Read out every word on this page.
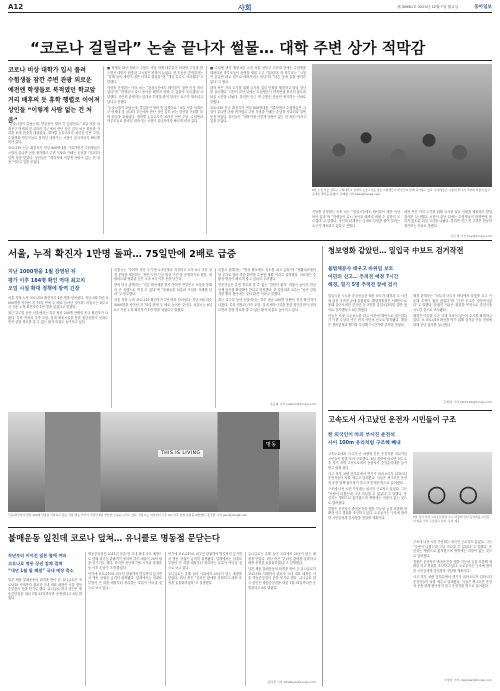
A12	사회	제 30661호 2020년 12월 7일 월요일	동아일보
“코로나 걸릴라” 논술 끝나자 썰물… 대학 주변 상가 적막감
코로나 비상 대학가 입시 풀려
수험생들 잠깐 주변 관광 외로운
예전엔 학생들로 북적였던 학교앞
거리 배후의 듯 휴학 행렬로 이어져
상인들 “이렇게 사람 없는 건 처음”

“논술시험이 끝났는데, 발걸음이 벌써 뚝 끊겼어요.” 6일 서울 서대문구 연세대 앞 굴다리 부근에서 만난 상인 김모 씨는 한산한 거리를 보며 한숨을 내쉬었다. 대학별 논술고사가 치러진 이번 주말, 수험생과 학부모들로 붐비던 대학가는 시험이 끝나자마자 빠르게 비어 갔다.

코로나19 신규 확진자가 연일 600명대를 기록하면서 수험생들은 시험이 끝나면 곧장 귀가했고 주변 식당과 카페는 손님을 기다리다 일찍 문을 닫았다. 상인들은 “대학가에 이렇게 사람이 없는 건 처음”이라고 입을 모았다.

■ 학생들 떠난 캠퍼스 주변도 비상 학생 대부분이 비대면 수업을 받으면서 대학가 원룸과 고시원은 빈방이 늘었다. 한 부동산 중개업자는 “올해 들어 계약이 절반 이하로 줄었다”며 “개강 특수도 사라졌다”고 말했다.

식당을 운영하는 이모 씨는 “점심시간에도 테이블이 절반 이상 비어 있다”며 “학생들이 다시 돌아올 때까지 버틸 수 있을지 모르겠다”고 말했다. 상인회 관계자는 임대료 부담을 줄여 달라는 요구가 계속되고 있다고 전했다.

“논술시험이 끝났는데, 발걸음이 벌써 뚝 끊겼어요.” 6일 서울 서대문구 연세대 앞 굴다리 부근에서 만난 상인 김모 씨는 한산한 거리를 보며 한숨을 내쉬었다. 대학별 논술고사가 치러진 이번 주말, 수험생과 학부모들로 붐비던 대학가는 시험이 끝나자마자 빠르게 비어 갔다.

■ 수험생 귀가 행렬 6일 오전 서울 성북구 고려대 앞에는 수험생을 데려다준 학부모들이 차량을 세워 두고 기다렸다. 한 학부모는 “시험이 끝나면 바로 집으로 데려가려고 한다”며 “다른 곳에 들를 생각은 없다”고 했다.

대학 측은 거리 두기를 위해 고사장 입실 인원을 제한하고 발열 검사를 실시했다. 시험이 끝난 뒤에는 수험생들이 한꺼번에 몰리지 않도록 퇴실 시간을 나눴다. 하지만 인근 역 주변은 한동안 귀가하는 인파로 붐볐다.

코로나19 신규 확진자가 연일 600명대를 기록하면서 수험생들은 시험이 끝나면 곧장 귀가했고 주변 식당과 카페는 손님을 기다리다 일찍 문을 닫았다. 상인들은 “대학가에 이렇게 사람이 없는 건 처음”이라고 입을 모았다.

6일 오전 서울 성북구 고려대학교 앞에서 논술고사를 마친 수험생들이 학부모와 함께 귀가하고 있다. 수험생들은 시험이 끝나자 주변에 머물지 않고 곧바로 발길을 돌렸다. 김재명 기자 base@donga.com

식당을 운영하는 이모 씨는 “점심시간에도 테이블이 절반 이상 비어 있다”며 “학생들이 다시 돌아올 때까지 버틸 수 있을지 모르겠다”고 말했다. 상인회 관계자는 임대료 부담을 줄여 달라는 요구가 계속되고 있다고 전했다.

대학 측은 거리 두기를 위해 고사장 입실 인원을 제한하고 발열 검사를 실시했다. 시험이 끝난 뒤에는 수험생들이 한꺼번에 몰리지 않도록 퇴실 시간을 나눴다. 하지만 인근 역 주변은 한동안 귀가하는 인파로 붐볐다.

김소영 기자 ksy@donga.com
서울, 누적 확진자 1만명 돌파… 75일만에 2배로 급증
지난 1000명을 1월 감염된 뒤
평가 이후 184명 확인 역대 최고치
모임 시설 확대 정책에 방역 긴장

서울 지역 누적 코로나19 확진자가 1만 명을 넘어섰다. 지난 9월 하순 5000명을 넘어선 지 75일 만에 두 배로 늘어난 것이다. 서울시는 6일 0시 기준 누적 확진자가 1만 명을 넘었다고 밝혔다.

최근 일주일 동안 서울에서는 하루 평균 200명 안팎의 신규 확진자가 나왔다. 특히 직장과 가족 모임, 실내 체육시설을 통한 집단감염이 잇따르면서 감염 경로를 알 수 없는 환자 비율도 높아지고 있다.

서울시는 ‘사회적 거리 두기’를 2.5단계로 격상하고 오후 9시 이후 상점 운영을 제한하는 ‘천만 시민 긴급 멈춤 기간’을 운영하기로 했다. 대형마트와 영화관 등은 오후 9시 이후 문을 닫는다.

방역 당국 관계자는 “지금 확산세를 꺾지 못하면 연말연시 모임을 통해 더 큰 유행으로 번질 수 있다”며 “불필요한 외출과 모임을 자제해 달라”고 당부했다.

서울 지역 누적 코로나19 확진자가 1만 명을 넘어섰다. 지난 9월 하순 5000명을 넘어선 지 75일 만에 두 배로 늘어난 것이다. 서울시는 6일 0시 기준 누적 확진자가 1만 명을 넘었다고 밝혔다.

서울시 관계자는 “병상 확보에도 속도를 내고 있다”며 “생활치료센터를 추가로 열어 경증 환자를 수용할 계획”이라고 설명했다. 의료계는 중환자 병상이 빠르게 줄고 있다고 우려했다.

전문가들은 감염 경로를 알 수 없는 ‘깜깜이 환자’ 비율이 높아진 만큼 선제 검사를 확대해야 한다고 지적했다. 한 감염내과 교수는 “숨은 감염자를 빨리 찾아내는 것이 관건”이라고 말했다.

최근 일주일 동안 서울에서는 하루 평균 200명 안팎의 신규 확진자가 나왔다. 특히 직장과 가족 모임, 실내 체육시설을 통한 집단감염이 잇따르면서 감염 경로를 알 수 없는 환자 비율도 높아지고 있다.

THIS IS LIVING
명동
신규 확진자가 연일 200명 안팎을 기록하고 있는 서울 명동 거리가 주말인 6일 한산한 모습을 보이고 있다. 서울시는 이날부터 오후 9시 이후 상점 운영을 제한했다. 홍진환 기자 jean@donga.com
조응형 기자 yesbro@donga.com
청보영화 같았던… 밀입국 中보트 검거작전
불법체류자 태우고 바위덤 보트
어민의 신고… 추적전 예정 7시간
해경, 밀기 5명 추적전 끝에 검거

밀입국을 시도한 중국인들을 태운 보트가 해경과 수 시간에 걸친 추적전 끝에 붙잡혔다. 해양경찰청은 서해안으로 몰래 들어오려던 중국인 등 5명을 출입국관리법 위반 혐의로 검거했다고 6일 밝혔다.

이들은 소형 고무보트를 타고 야간에 해안으로 접근하다가 이를 수상히 여긴 현지 어민의 신고로 발각됐다. 해경은 경비함정과 헬기를 투입해 7시간가량 추적을 벌였다.

해경 관계자는 “보트가 어두운 바다에서 불빛을 끄고 이동해 추적이 쉽지 않았다”며 “주민 신고가 결정적이었다”고 말했다. 붙잡힌 이들은 취업을 목적으로 밀입국을 시도한 것으로 조사됐다.

해경은 이들을 도운 국내 조직이 있는지 수사를 확대하고 있다. 또 코로나19 확산을 막기 위해 검거된 이들 전원에 대해 진단 검사를 실시했다.

김태성 기자 kts5710@donga.com
고속도서 사고났던 운전자 시민들이 구조
한 외국인이 차의 부서진 운전석
사이 100m 유리처럼 구조해 빼내

고속도로에서 사고가 난 차량에 갇힌 운전자를 지나가던 시민들이 힘을 모아 구조했다. 6일 경찰에 따르면 5일 오후 경기 지역 고속도로에서 승용차가 중앙분리대를 들이받고 멈춰 섰다.

사고 직후 차량 앞부분에서 연기가 피어오르자 뒤따르던 운전자들이 차를 세우고 달려왔다. 이들은 찌그러진 운전석 문을 함께 잡아당겨 열고 운전자를 밖으로 끌어냈다.

구조에 나선 시민 가운데는 외국인 근로자도 있었다. 그는 “사람이 다쳤는데 그냥 지나칠 수 없었다”고 말했다. 운전자는 병원으로 옮겨졌으며 생명에는 지장이 없는 것으로 알려졌다.

경찰은 운전자가 졸음운전을 했을 가능성 등을 포함해 정확한 사고 경위를 조사하고 있다. 도로공사는 구조에 참여한 시민들에게 감사장을 전달할 계획이다.	5일 경기 지역 고속도로에서 사고 차량에 갇힌 운전자를 시민들이 힘을 모아 구조하고 있다. 독자 제공

구조에 나선 시민 가운데는 외국인 근로자도 있었다. 그는 “사람이 다쳤는데 그냥 지나칠 수 없었다”고 말했다. 운전자는 병원으로 옮겨졌으며 생명에는 지장이 없는 것으로 알려졌다.

경찰은 운전자가 졸음운전을 했을 가능성 등을 포함해 정확한 사고 경위를 조사하고 있다. 도로공사는 구조에 참여한 시민들에게 감사장을 전달할 계획이다.

사고 직후 차량 앞부분에서 연기가 피어오르자 뒤따르던 운전자들이 차를 세우고 달려왔다. 이들은 찌그러진 운전석 문을 함께 잡아당겨 열고 운전자를 밖으로 끌어냈다.

이청아 기자 clearlee@donga.com
불매운동 잎친데 코로나 덮쳐… 유니클로 명동점 문닫는다
작년부터 이어진 일본 불매 여파
코로나로 명동 상권 침체 겹쳐
“내년 1월 말 폐점” 국내 매장 축소

일본 제품 불매운동의 타격을 받아 온 유니클로가 코로나19 사태까지 겹치자 국내 대표 매장인 서울 명동중앙점의 문을 닫기로 했다. 유니클로 한국 법인은 명동중앙점을 내년 1월 31일까지만 운영한다고 6일 밝혔다.

명동중앙점은 2011년 문을 연 국내 최대 규모 매장으로 한때 외국인 관광객이 몰리며 하루 매출이 20억 원을 넘기기도 했다. 하지만 지난해 7월 시작된 불매운동 이후 손님이 크게 줄었다.

여기에 코로나19로 외국인 관광객의 발길까지 끊기면서 명동 상권은 급격히 위축됐다. 업계에서는 임대료 부담이 큰 대형 매장부터 정리하는 흐름이 이어질 것으로 보고 있다.

여기에 코로나19로 외국인 관광객의 발길까지 끊기면서 명동 상권은 급격히 위축됐다. 업계에서는 임대료 부담이 큰 대형 매장부터 정리하는 흐름이 이어질 것으로 보고 있다.

유니클로는 올해 들어 국내에서 20곳이 넘는 매장을 닫았다. 회사 측은 “온라인 판매를 강화하고 매장 운영을 효율화하겠다”고 설명했다.

유니클로는 올해 들어 국내에서 20곳이 넘는 매장을 닫았다. 회사 측은 “온라인 판매를 강화하고 매장 운영을 효율화하겠다”고 설명했다.

일본 제품 불매운동의 타격을 받아 온 유니클로가 코로나19 사태까지 겹치자 국내 대표 매장인 서울 명동중앙점의 문을 닫기로 했다. 유니클로 한국 법인은 명동중앙점을 내년 1월 31일까지만 운영한다고 6일 밝혔다.

김하경 기자 whatsup@donga.com
